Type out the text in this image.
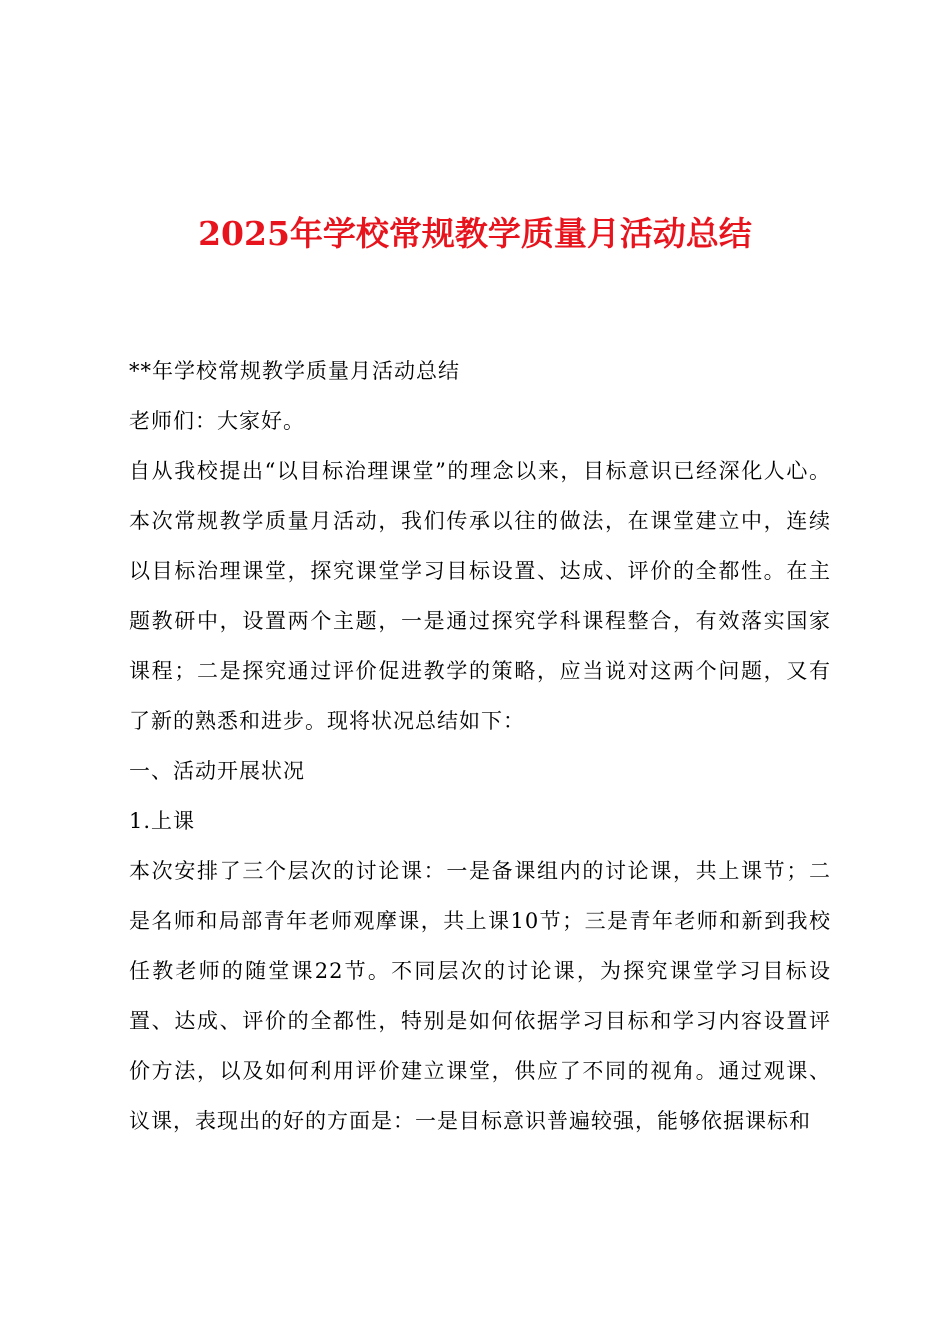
2025年学校常规教学质量月活动总结

**年学校常规教学质量月活动总结

老师们：大家好。

自从我校提出“以目标治理课堂”的理念以来，目标意识已经深化人心。本次常规教学质量月活动，我们传承以往的做法，在课堂建立中，连续以目标治理课堂，探究课堂学习目标设置、达成、评价的全都性。在主题教研中，设置两个主题，一是通过探究学科课程整合，有效落实国家课程；二是探究通过评价促进教学的策略，应当说对这两个问题，又有了新的熟悉和进步。现将状况总结如下：

一、活动开展状况

1.上课

本次安排了三个层次的讨论课：一是备课组内的讨论课，共上课节；二是名师和局部青年老师观摩课，共上课10节；三是青年老师和新到我校任教老师的随堂课22节。不同层次的讨论课，为探究课堂学习目标设置、达成、评价的全都性，特别是如何依据学习目标和学习内容设置评价方法，以及如何利用评价建立课堂，供应了不同的视角。通过观课、议课，表现出的好的方面是：一是目标意识普遍较强，能够依据课标和
